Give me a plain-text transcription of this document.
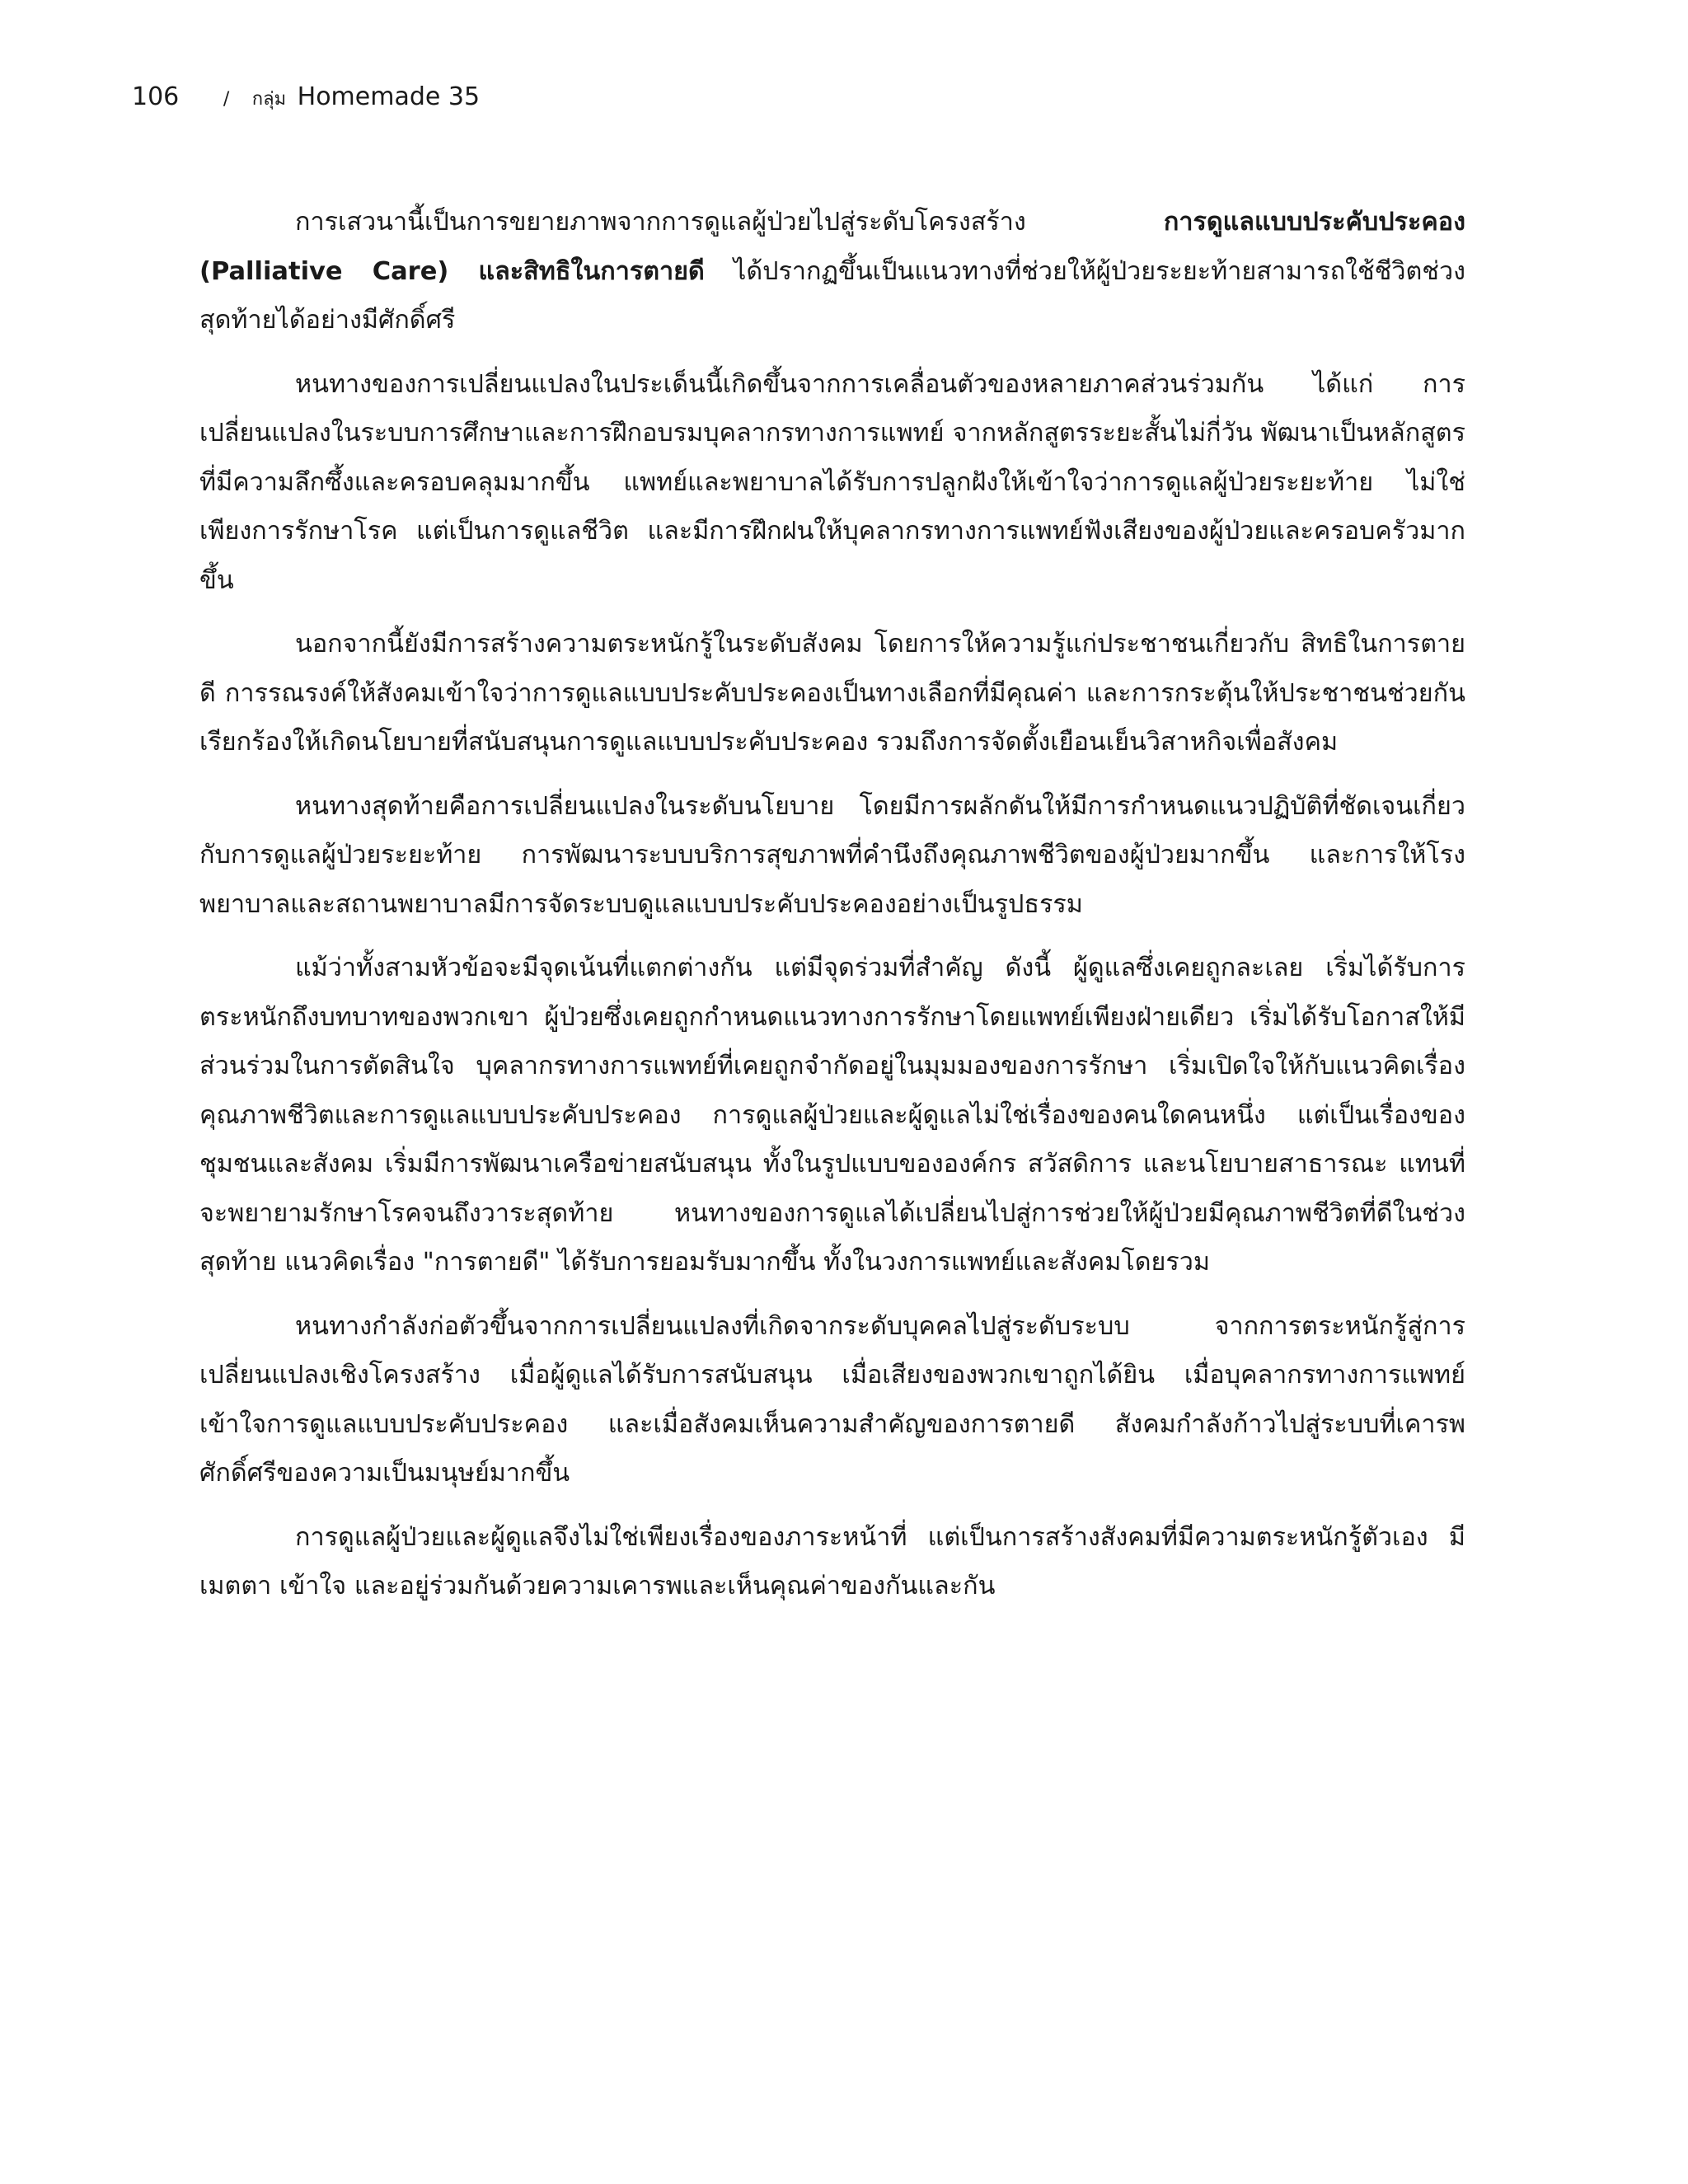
106 / กลุ่ม Homemade 35

การเสวนานี้เป็นการขยายภาพจากการดูแลผู้ป่วยไปสู่ระดับโครงสร้าง การดูแลแบบประคับประคอง (Palliative Care) และสิทธิในการตายดี ได้ปรากฏขึ้นเป็นแนวทางที่ช่วยให้ผู้ป่วยระยะท้ายสามารถใช้ชีวิตช่วงสุดท้ายได้อย่างมีศักดิ์ศรี

หนทางของการเปลี่ยนแปลงในประเด็นนี้เกิดขึ้นจากการเคลื่อนตัวของหลายภาคส่วนร่วมกัน ได้แก่ การเปลี่ยนแปลงในระบบการศึกษาและการฝึกอบรมบุคลากรทางการแพทย์ จากหลักสูตรระยะสั้นไม่กี่วัน พัฒนาเป็นหลักสูตรที่มีความลึกซึ้งและครอบคลุมมากขึ้น แพทย์และพยาบาลได้รับการปลูกฝังให้เข้าใจว่าการดูแลผู้ป่วยระยะท้าย ไม่ใช่เพียงการรักษาโรค แต่เป็นการดูแลชีวิต และมีการฝึกฝนให้บุคลากรทางการแพทย์ฟังเสียงของผู้ป่วยและครอบครัวมากขึ้น

นอกจากนี้ยังมีการสร้างความตระหนักรู้ในระดับสังคม โดยการให้ความรู้แก่ประชาชนเกี่ยวกับ สิทธิในการตายดี การรณรงค์ให้สังคมเข้าใจว่าการดูแลแบบประคับประคองเป็นทางเลือกที่มีคุณค่า และการกระตุ้นให้ประชาชนช่วยกันเรียกร้องให้เกิดนโยบายที่สนับสนุนการดูแลแบบประคับประคอง รวมถึงการจัดตั้งเยือนเย็นวิสาหกิจเพื่อสังคม

หนทางสุดท้ายคือการเปลี่ยนแปลงในระดับนโยบาย โดยมีการผลักดันให้มีการกำหนดแนวปฏิบัติที่ชัดเจนเกี่ยวกับการดูแลผู้ป่วยระยะท้าย การพัฒนาระบบบริการสุขภาพที่คำนึงถึงคุณภาพชีวิตของผู้ป่วยมากขึ้น และการให้โรงพยาบาลและสถานพยาบาลมีการจัดระบบดูแลแบบประคับประคองอย่างเป็นรูปธรรม

แม้ว่าทั้งสามหัวข้อจะมีจุดเน้นที่แตกต่างกัน แต่มีจุดร่วมที่สำคัญ ดังนี้ ผู้ดูแลซึ่งเคยถูกละเลย เริ่มได้รับการตระหนักถึงบทบาทของพวกเขา ผู้ป่วยซึ่งเคยถูกกำหนดแนวทางการรักษาโดยแพทย์เพียงฝ่ายเดียว เริ่มได้รับโอกาสให้มีส่วนร่วมในการตัดสินใจ บุคลากรทางการแพทย์ที่เคยถูกจำกัดอยู่ในมุมมองของการรักษา เริ่มเปิดใจให้กับแนวคิดเรื่องคุณภาพชีวิตและการดูแลแบบประคับประคอง การดูแลผู้ป่วยและผู้ดูแลไม่ใช่เรื่องของคนใดคนหนึ่ง แต่เป็นเรื่องของชุมชนและสังคม เริ่มมีการพัฒนาเครือข่ายสนับสนุน ทั้งในรูปแบบขององค์กร สวัสดิการ และนโยบายสาธารณะ แทนที่จะพยายามรักษาโรคจนถึงวาระสุดท้าย หนทางของการดูแลได้เปลี่ยนไปสู่การช่วยให้ผู้ป่วยมีคุณภาพชีวิตที่ดีในช่วงสุดท้าย แนวคิดเรื่อง "การตายดี" ได้รับการยอมรับมากขึ้น ทั้งในวงการแพทย์และสังคมโดยรวม

หนทางกำลังก่อตัวขึ้นจากการเปลี่ยนแปลงที่เกิดจากระดับบุคคลไปสู่ระดับระบบ จากการตระหนักรู้สู่การเปลี่ยนแปลงเชิงโครงสร้าง เมื่อผู้ดูแลได้รับการสนับสนุน เมื่อเสียงของพวกเขาถูกได้ยิน เมื่อบุคลากรทางการแพทย์เข้าใจการดูแลแบบประคับประคอง และเมื่อสังคมเห็นความสำคัญของการตายดี สังคมกำลังก้าวไปสู่ระบบที่เคารพศักดิ์ศรีของความเป็นมนุษย์มากขึ้น

การดูแลผู้ป่วยและผู้ดูแลจึงไม่ใช่เพียงเรื่องของภาระหน้าที่ แต่เป็นการสร้างสังคมที่มีความตระหนักรู้ตัวเอง มีเมตตา เข้าใจ และอยู่ร่วมกันด้วยความเคารพและเห็นคุณค่าของกันและกัน
